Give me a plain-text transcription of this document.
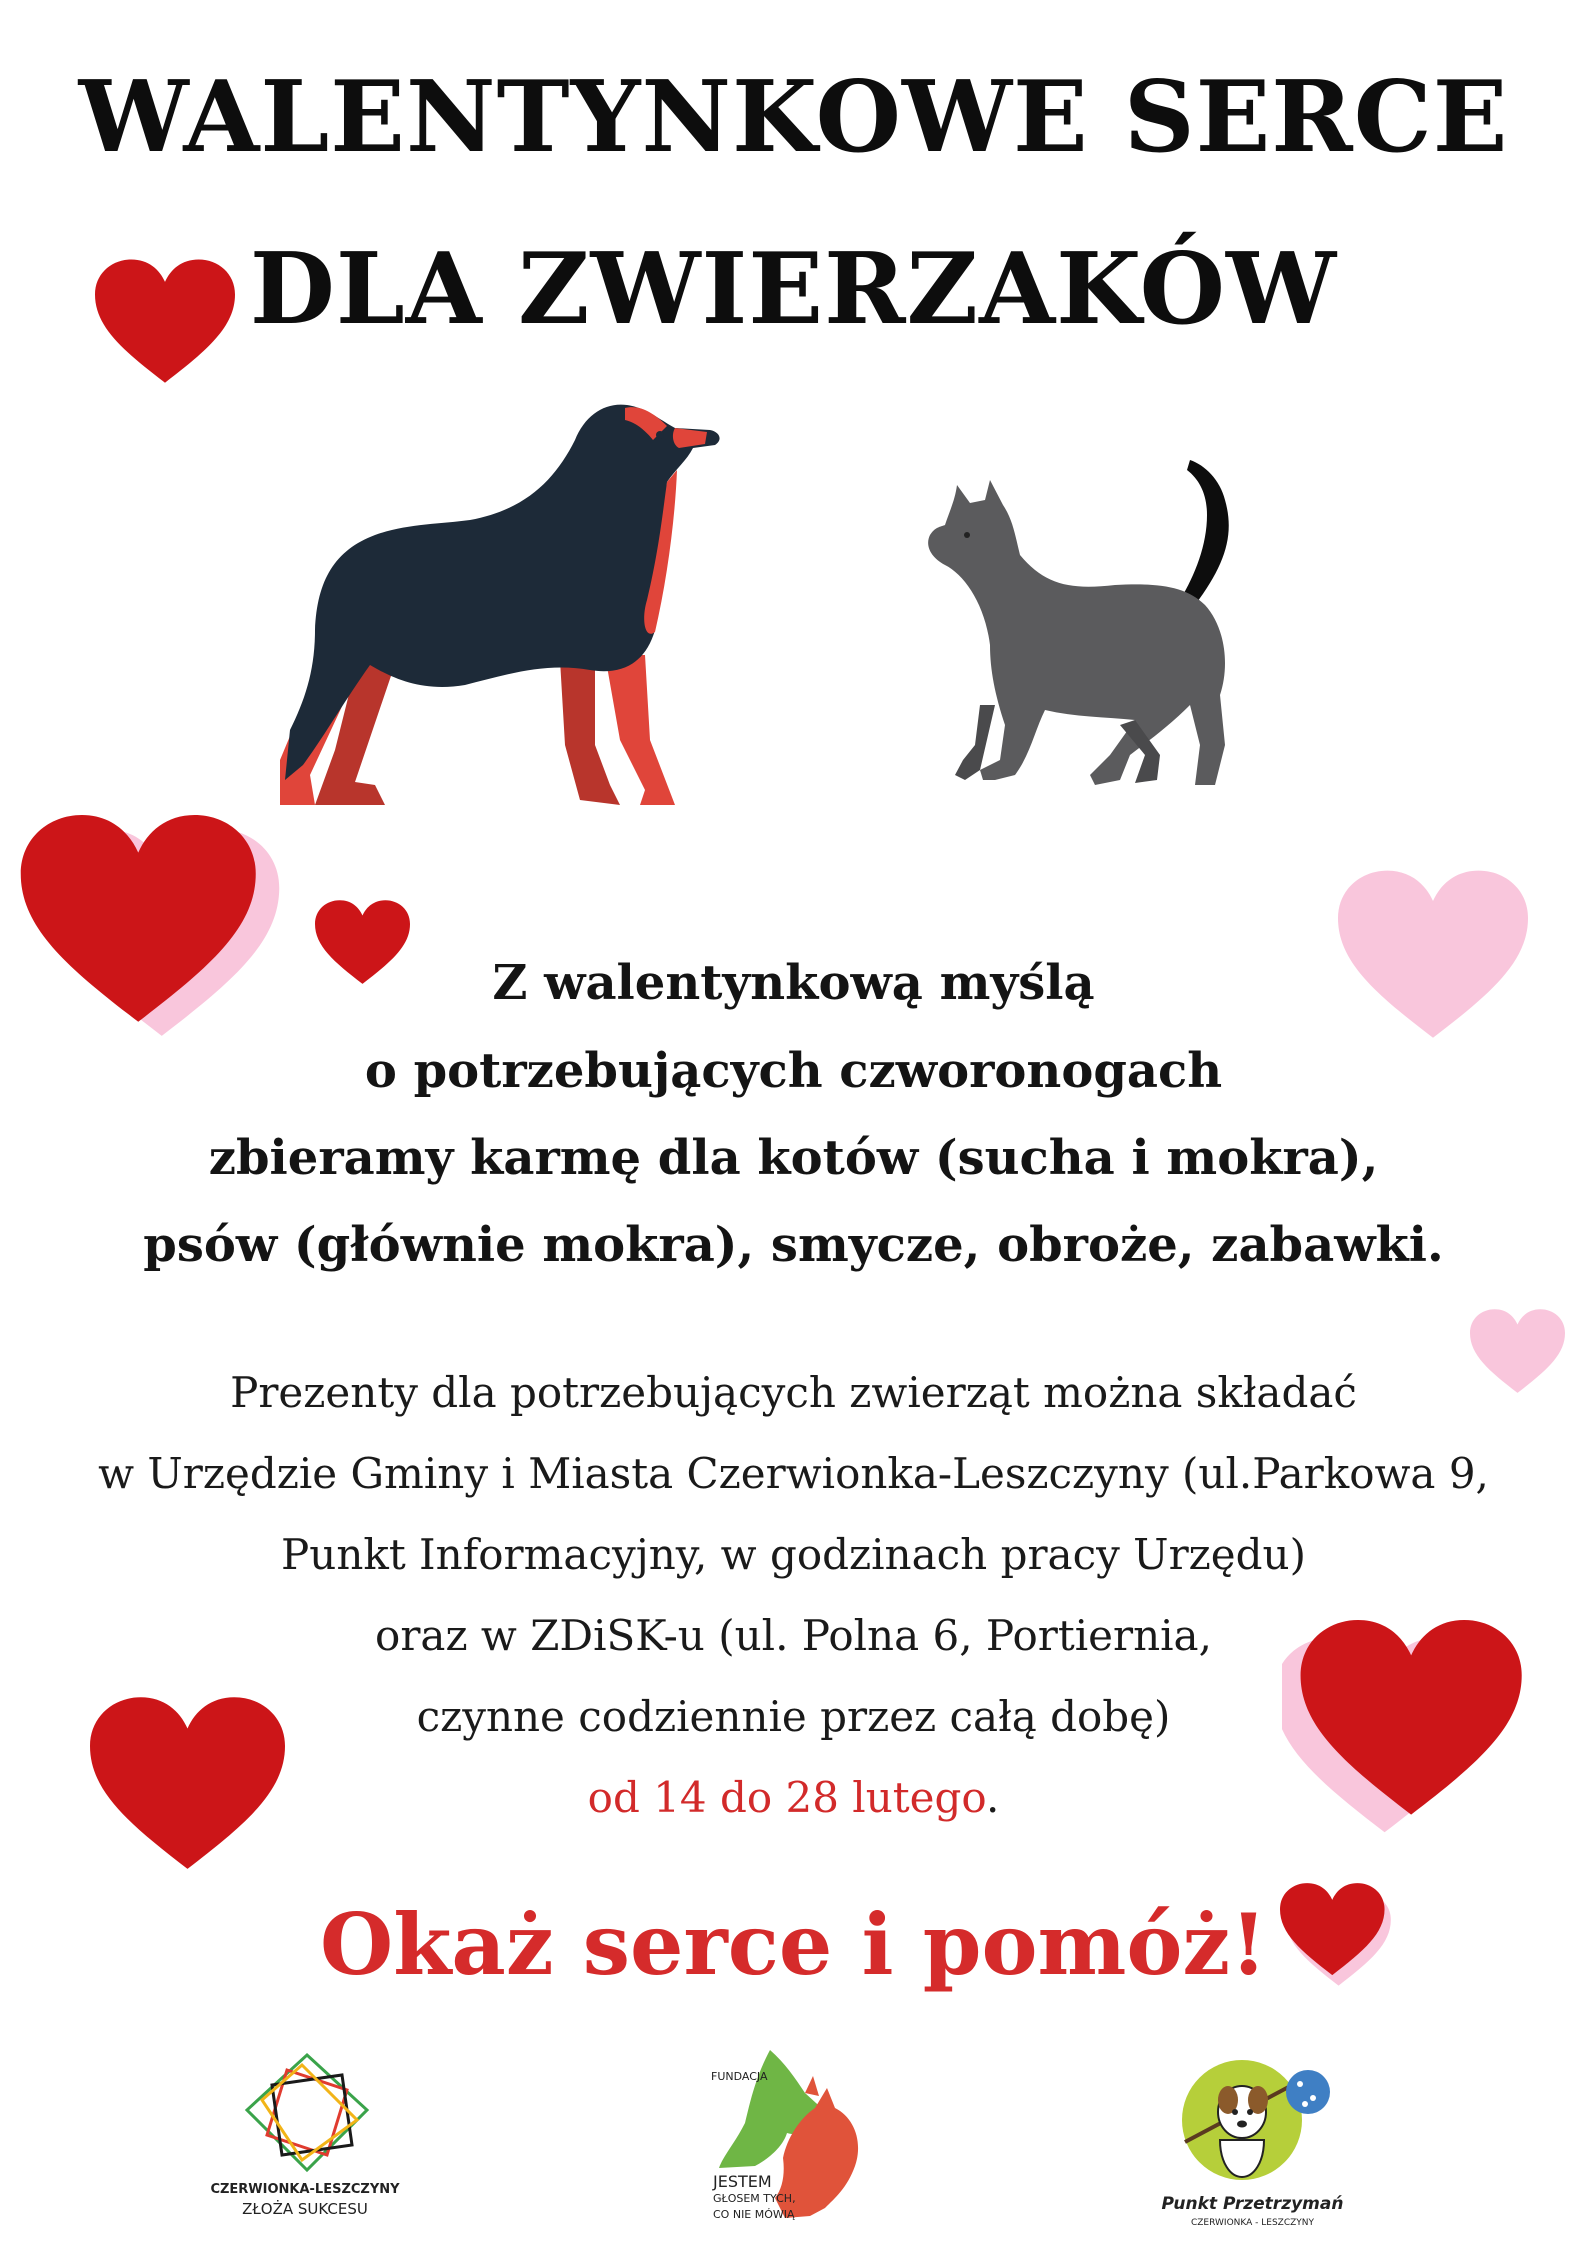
WALENTYNKOWE SERCE
DLA ZWIERZAKÓW
Z walentynkową myślą
o potrzebujących czworonogach
zbieramy karmę dla kotów (sucha i mokra),
psów (głównie mokra), smycze, obroże, zabawki.
Prezenty dla potrzebujących zwierząt można składać
w Urzędzie Gminy i Miasta Czerwionka-Leszczyny (ul.Parkowa 9,
Punkt Informacyjny, w godzinach pracy Urzędu)
oraz w ZDiSK-u (ul. Polna 6, Portiernia,
czynne codziennie przez całą dobę)
od 14 do 28 lutego.
Okaż serce i pomóż!
CZERWIONKA-LESZCZYNY
ZŁOŻA SUKCESU
FUNDACJA
JESTEM
GŁOSEM TYCH,
CO NIE MÓWIĄ
Punkt Przetrzymań
CZERWIONKA - LESZCZYNY
